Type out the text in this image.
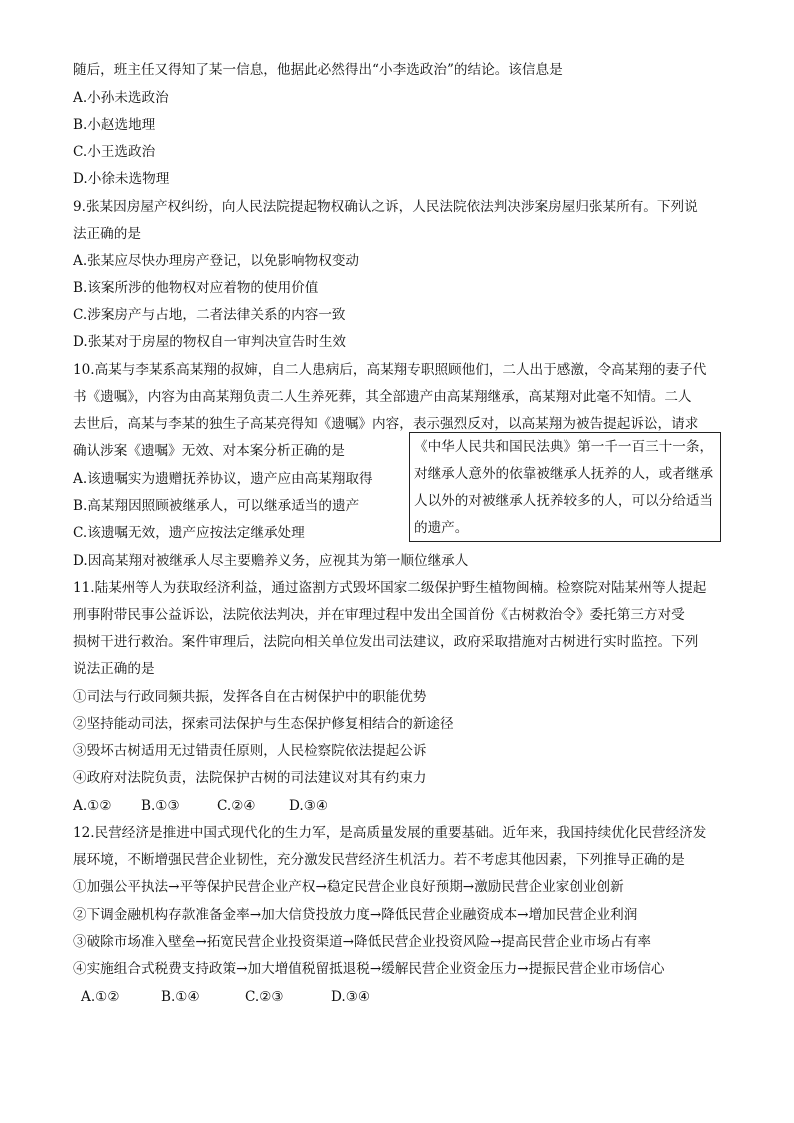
随后，班主任又得知了某一信息，他据此必然得出“小李选政治”的结论。该信息是
A.小孙未选政治
B.小赵选地理
C.小王选政治
D.小徐未选物理
9.张某因房屋产权纠纷，向人民法院提起物权确认之诉，人民法院依法判决涉案房屋归张某所有。下列说
法正确的是
A.张某应尽快办理房产登记，以免影响物权变动
B.该案所涉的他物权对应着物的使用价值
C.涉案房产与占地，二者法律关系的内容一致
D.张某对于房屋的物权自一审判决宣告时生效
10.高某与李某系高某翔的叔婶，自二人患病后，高某翔专职照顾他们，二人出于感激，令高某翔的妻子代
书《遗嘱》，内容为由高某翔负责二人生养死葬，其全部遗产由高某翔继承，高某翔对此毫不知情。二人
去世后，高某与李某的独生子高某亮得知《遗嘱》内容，表示强烈反对，以高某翔为被告提起诉讼，请求
确认涉案《遗嘱》无效、对本案分析正确的是
A.该遗嘱实为遗赠抚养协议，遗产应由高某翔取得
B.高某翔因照顾被继承人，可以继承适当的遗产
C.该遗嘱无效，遗产应按法定继承处理
D.因高某翔对被继承人尽主要赡养义务，应视其为第一顺位继承人
《中华人民共和国民法典》第一千一百三十一条，对继承人意外的依靠被继承人抚养的人，或者继承人以外的对被继承人抚养较多的人，可以分给适当的遗产。
11.陆某州等人为获取经济利益，通过盗割方式毁坏国家二级保护野生植物闽楠。检察院对陆某州等人提起
刑事附带民事公益诉讼，法院依法判决，并在审理过程中发出全国首份《古树救治令》委托第三方对受
损树干进行救治。案件审理后，法院向相关单位发出司法建议，政府采取措施对古树进行实时监控。下列
说法正确的是
①司法与行政同频共振，发挥各自在古树保护中的职能优势
②坚持能动司法，探索司法保护与生态保护修复相结合的新途径
③毁坏古树适用无过错责任原则，人民检察院依法提起公诉
④政府对法院负责，法院保护古树的司法建议对其有约束力
A.①② B.①③	C.②④ D.③④
12.民营经济是推进中国式现代化的生力军，是高质量发展的重要基础。近年来，我国持续优化民营经济发
展环境，不断增强民营企业韧性，充分激发民营经济生机活力。若不考虑其他因素，下列推导正确的是
①加强公平执法→平等保护民营企业产权→稳定民营企业良好预期→激励民营企业家创业创新
②下调金融机构存款准备金率→加大信贷投放力度→降低民营企业融资成本→增加民营企业利润
③破除市场准入壁垒→拓宽民营企业投资渠道→降低民营企业投资风险→提高民营企业市场占有率
④实施组合式税费支持政策→加大增值税留抵退税→缓解民营企业资金压力→提振民营企业市场信心
A.①②	B.①④	C.②③	D.③④
